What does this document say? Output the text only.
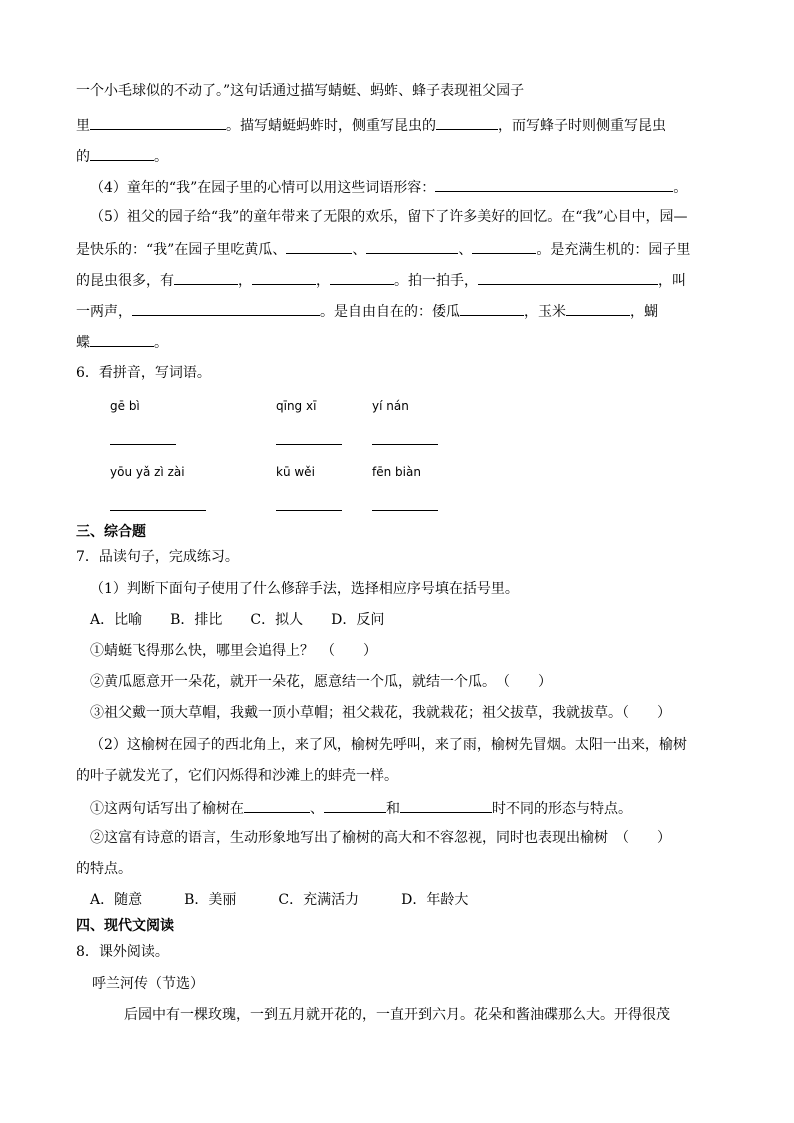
一个小毛球似的不动了。”这句话通过描写蜻蜓、蚂蚱、蜂子表现祖父园子
里	。描写蜻蜓蚂蚱时，侧重写昆虫的	，而写蜂子时则侧重写昆虫
的	。
（4）童年的“我”在园子里的心情可以用这些词语形容：	。
（5）祖父的园子给“我”的童年带来了无限的欢乐，留下了许多美好的回忆。在“我”心目中，园—
是快乐的：“我”在园子里吃黄瓜、	、	、	。是充满生机的：园子里
的昆虫很多，有	，	，	。拍一拍手，	，叫
一两声，	。是自由自在的：倭瓜	，玉米	，蝴
蝶	。
6．看拼音，写词语。
gē bì	qīng xī	yí nán
yōu yǎ zì zài	kū wěi	fēn biàn
三、综合题
7．品读句子，完成练习。
（1）判断下面句子使用了什么修辞手法，选择相应序号填在括号里。
A．比喻　　B．排比　　C．拟人　　D．反问
①蜻蜓飞得那么快，哪里会追得上？　（　　）
②黄瓜愿意开一朵花，就开一朵花，愿意结一个瓜，就结一个瓜。　（　　）
③祖父戴一顶大草帽，我戴一顶小草帽；祖父栽花，我就栽花；祖父拔草，我就拔草。（　　）
（2）这榆树在园子的西北角上，来了风，榆树先呼叫，来了雨，榆树先冒烟。太阳一出来，榆树
的叶子就发光了，它们闪烁得和沙滩上的蚌壳一样。
①这两句话写出了榆树在	、	和	时不同的形态与特点。
②这富有诗意的语言，生动形象地写出了榆树的高大和不容忽视，同时也表现出榆树　（　　）
的特点。
A．随意　　　B．美丽　　　C．充满活力　　　D．年龄大
四、现代文阅读
8．课外阅读。
呼兰河传（节选）
后园中有一棵玫瑰，一到五月就开花的，一直开到六月。花朵和酱油碟那么大。开得很茂
